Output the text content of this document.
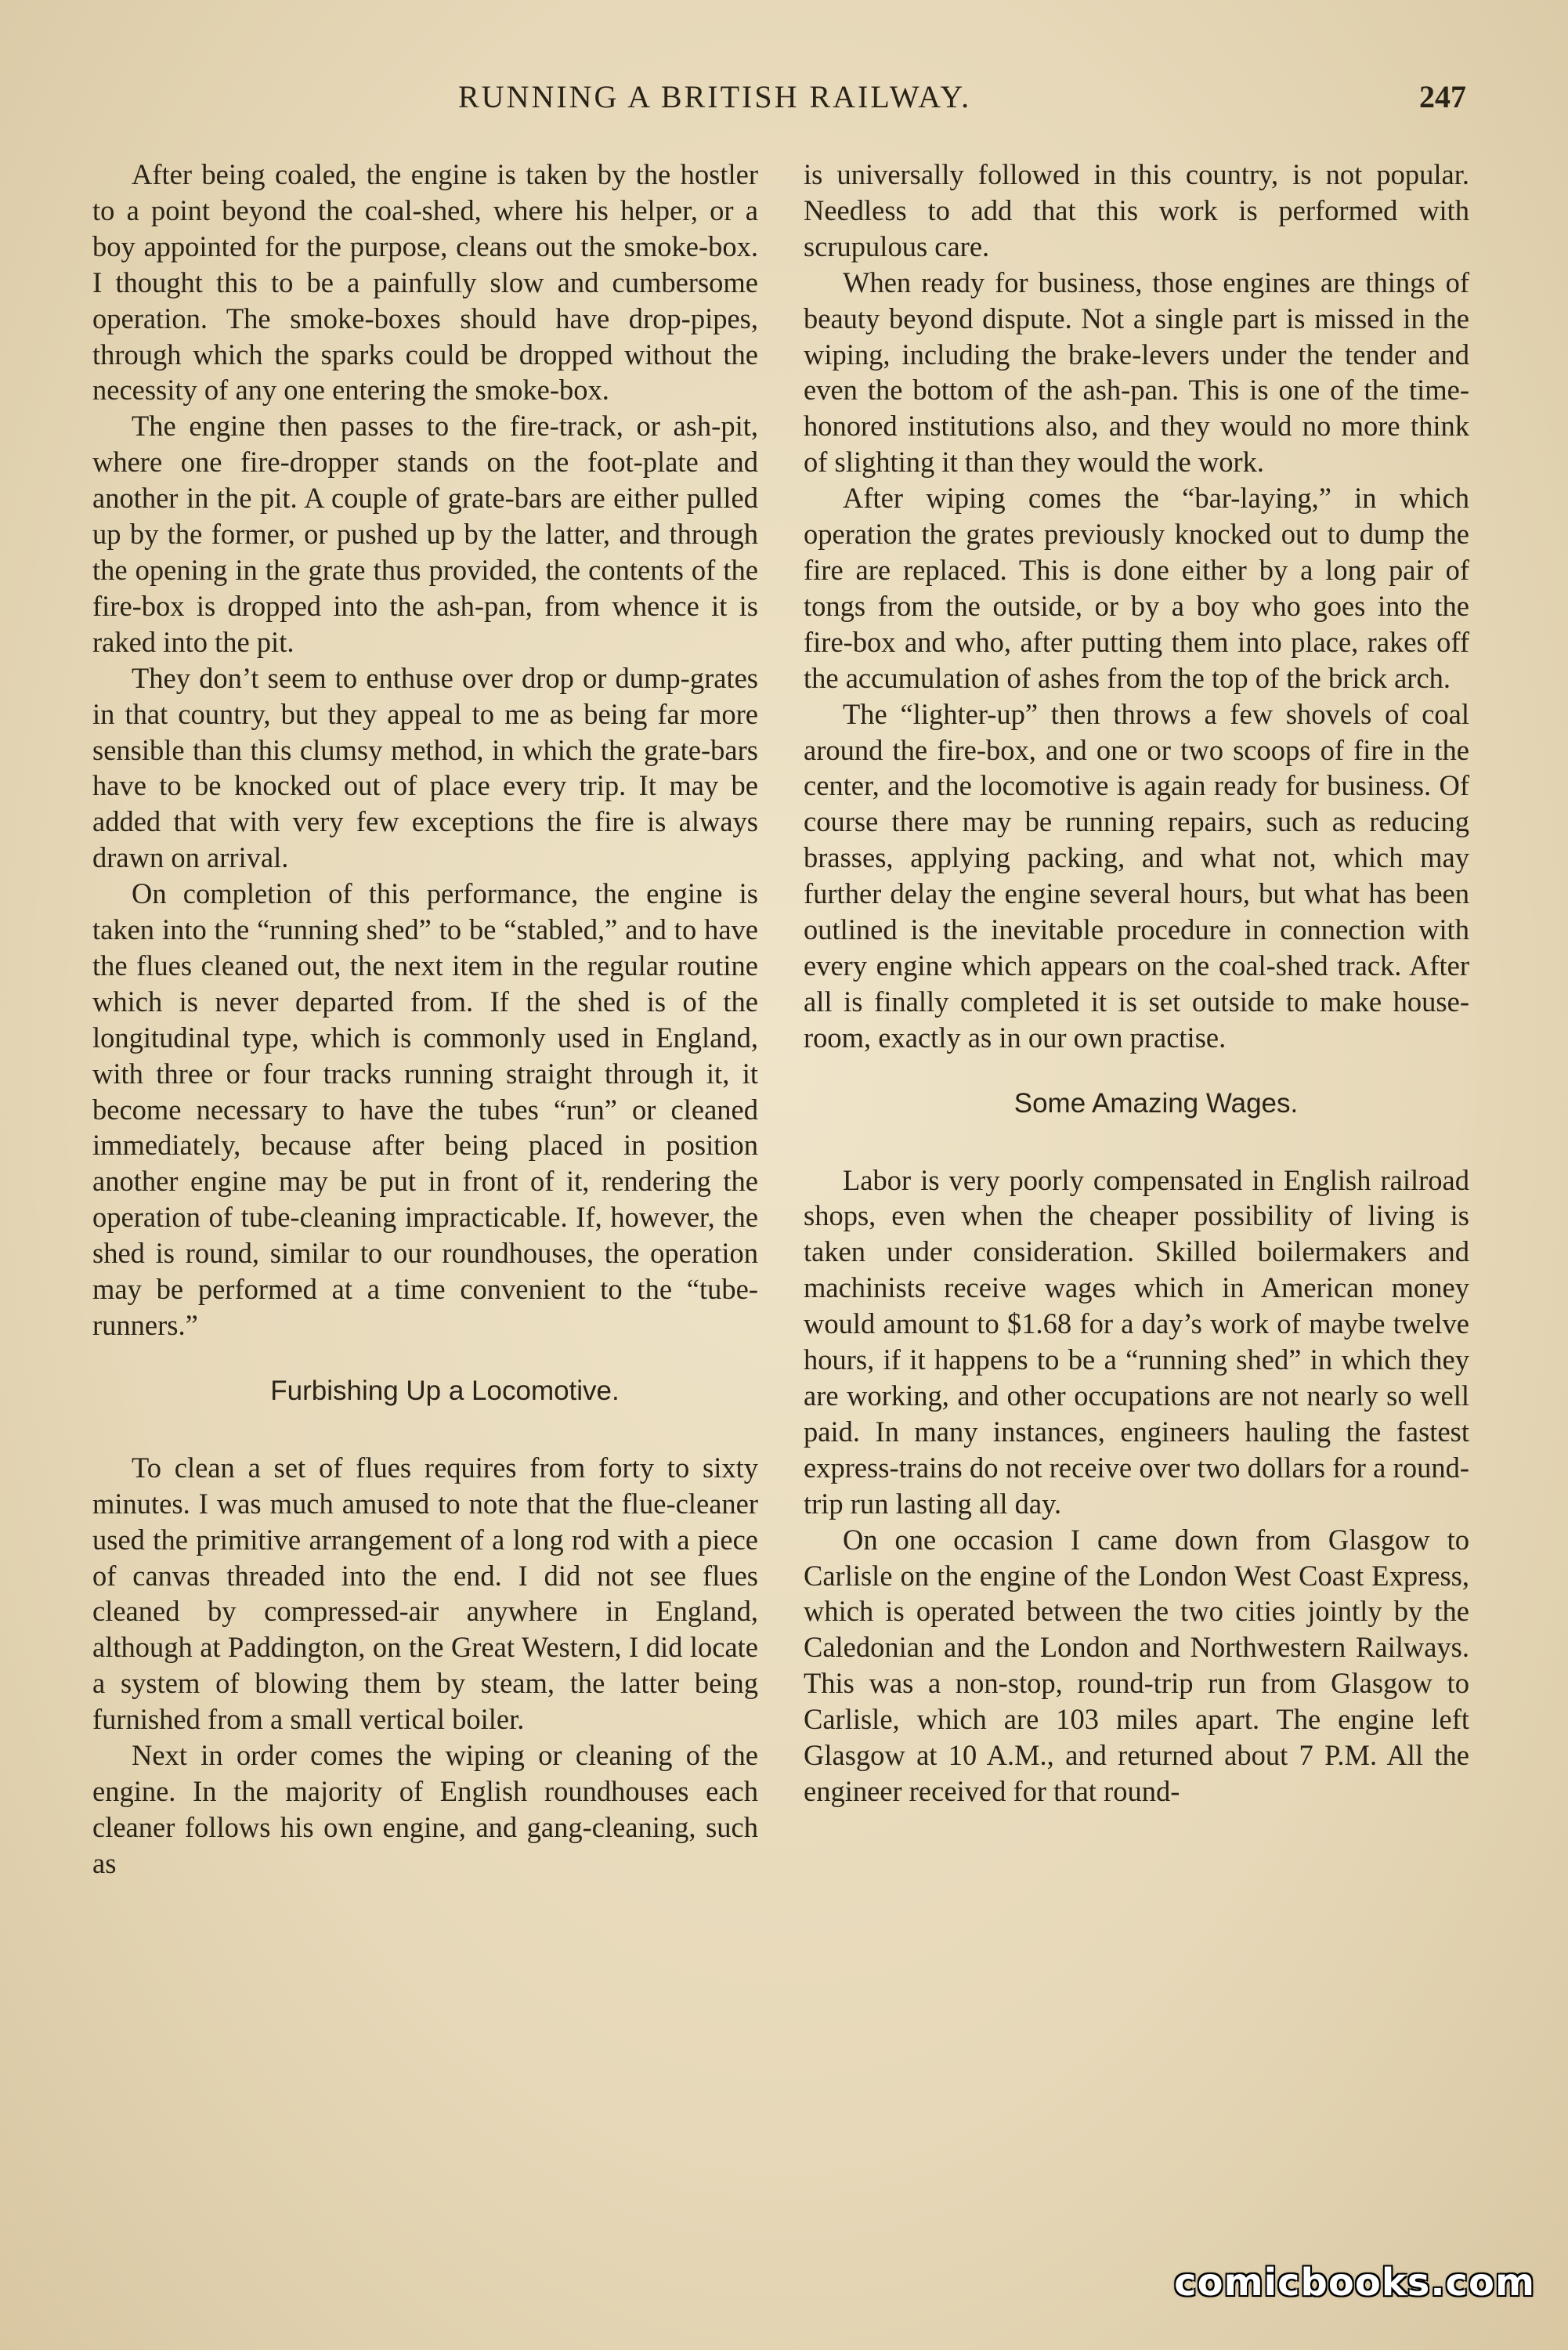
RUNNING A BRITISH RAILWAY.	247

After being coaled, the engine is taken by the hostler to a point beyond the coal-shed, where his helper, or a boy appointed for the purpose, cleans out the smoke-box. I thought this to be a painfully slow and cumbersome operation. The smoke-boxes should have drop-pipes, through which the sparks could be dropped without the necessity of any one entering the smoke-box.

The engine then passes to the fire-track, or ash-pit, where one fire-dropper stands on the foot-plate and another in the pit. A couple of grate-bars are either pulled up by the former, or pushed up by the latter, and through the opening in the grate thus provided, the contents of the fire-box is dropped into the ash-pan, from whence it is raked into the pit.

They don’t seem to enthuse over drop or dump-grates in that country, but they appeal to me as being far more sensible than this clumsy method, in which the grate-bars have to be knocked out of place every trip. It may be added that with very few exceptions the fire is always drawn on arrival.

On completion of this performance, the engine is taken into the “running shed” to be “stabled,” and to have the flues cleaned out, the next item in the regular routine which is never departed from. If the shed is of the longitudinal type, which is commonly used in England, with three or four tracks running straight through it, it become necessary to have the tubes “run” or cleaned immediately, because after being placed in position another engine may be put in front of it, rendering the operation of tube-cleaning impracticable. If, however, the shed is round, similar to our roundhouses, the operation may be performed at a time convenient to the “tube-runners.”

Furbishing Up a Locomotive.

To clean a set of flues requires from forty to sixty minutes. I was much amused to note that the flue-cleaner used the primitive arrangement of a long rod with a piece of canvas threaded into the end. I did not see flues cleaned by compressed-air anywhere in England, although at Paddington, on the Great Western, I did locate a system of blowing them by steam, the latter being furnished from a small vertical boiler.

Next in order comes the wiping or cleaning of the engine. In the majority of English roundhouses each cleaner follows his own engine, and gang-cleaning, such as

is universally followed in this country, is not popular. Needless to add that this work is performed with scrupulous care.

When ready for business, those engines are things of beauty beyond dispute. Not a single part is missed in the wiping, including the brake-levers under the tender and even the bottom of the ash-pan. This is one of the time-honored institutions also, and they would no more think of slighting it than they would the work.

After wiping comes the “bar-laying,” in which operation the grates previously knocked out to dump the fire are replaced. This is done either by a long pair of tongs from the outside, or by a boy who goes into the fire-box and who, after putting them into place, rakes off the accumulation of ashes from the top of the brick arch.

The “lighter-up” then throws a few shovels of coal around the fire-box, and one or two scoops of fire in the center, and the locomotive is again ready for business. Of course there may be running repairs, such as reducing brasses, applying packing, and what not, which may further delay the engine several hours, but what has been outlined is the inevitable procedure in connection with every engine which appears on the coal-shed track. After all is finally completed it is set outside to make house-room, exactly as in our own practise.

Some Amazing Wages.

Labor is very poorly compensated in English railroad shops, even when the cheaper possibility of living is taken under consideration. Skilled boilermakers and machinists receive wages which in American money would amount to $1.68 for a day’s work of maybe twelve hours, if it happens to be a “running shed” in which they are working, and other occupations are not nearly so well paid. In many instances, engineers hauling the fastest express-trains do not receive over two dollars for a round-trip run lasting all day.

On one occasion I came down from Glasgow to Carlisle on the engine of the London West Coast Express, which is operated between the two cities jointly by the Caledonian and the London and Northwestern Railways. This was a non-stop, round-trip run from Glasgow to Carlisle, which are 103 miles apart. The engine left Glasgow at 10 A.M., and returned about 7 P.M. All the engineer received for that round-

comicbooks.com
